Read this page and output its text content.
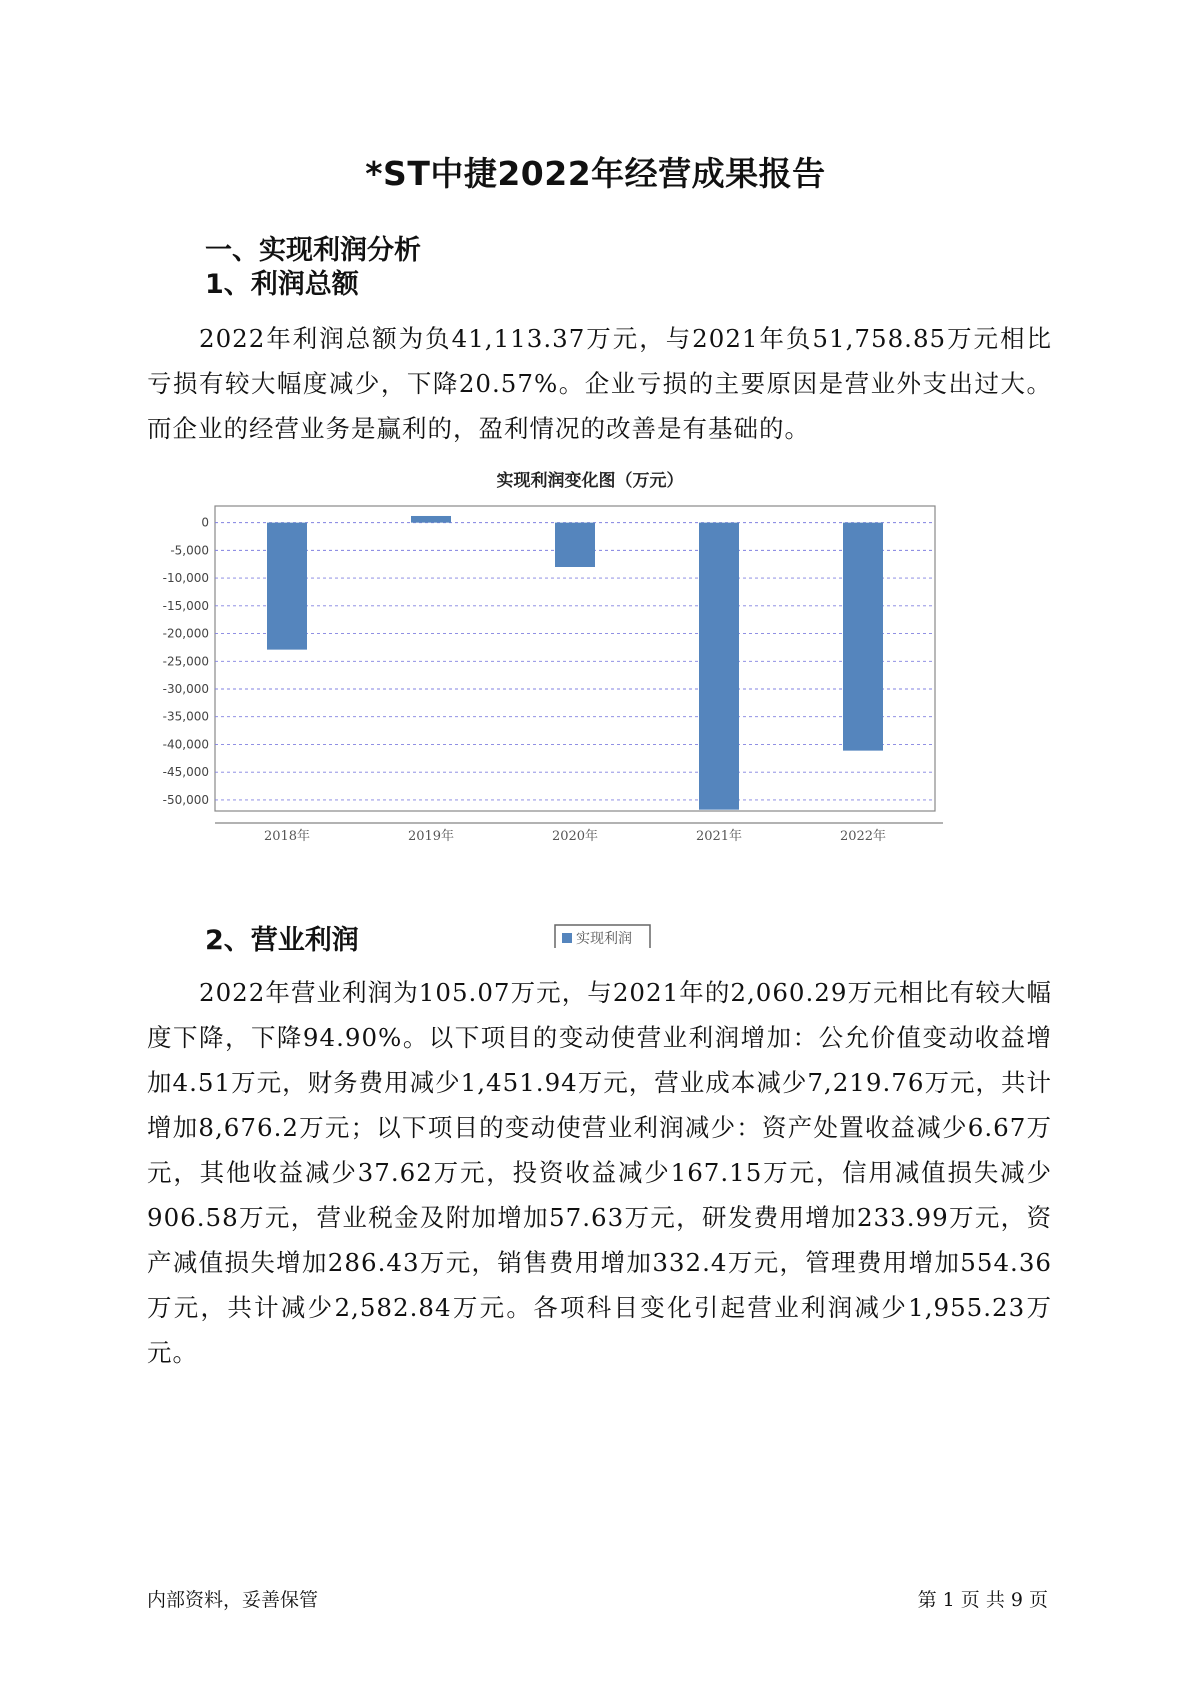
*ST中捷2022年经营成果报告
一、实现利润分析
1、利润总额
2022年利润总额为负41,113.37万元，与2021年负51,758.85万元相比亏损有较大幅度减少，下降20.57%。企业亏损的主要原因是营业外支出过大。而企业的经营业务是赢利的，盈利情况的改善是有基础的。
实现利润变化图（万元）
0
-5,000
-10,000
-15,000
-20,000
-25,000
-30,000
-35,000
-40,000
-45,000
-50,000
2018年	2019年	2020年	2021年	2022年
实现利润
2、营业利润
2022年营业利润为105.07万元，与2021年的2,060.29万元相比有较大幅度下降，下降94.90%。以下项目的变动使营业利润增加：公允价值变动收益增加4.51万元，财务费用减少1,451.94万元，营业成本减少7,219.76万元，共计增加8,676.2万元；以下项目的变动使营业利润减少：资产处置收益减少6.67万元，其他收益减少37.62万元，投资收益减少167.15万元，信用减值损失减少906.58万元，营业税金及附加增加57.63万元，研发费用增加233.99万元，资产减值损失增加286.43万元，销售费用增加332.4万元，管理费用增加554.36万元，共计减少2,582.84万元。各项科目变化引起营业利润减少1,955.23万元。
内部资料，妥善保管	第 1 页 共 9 页
